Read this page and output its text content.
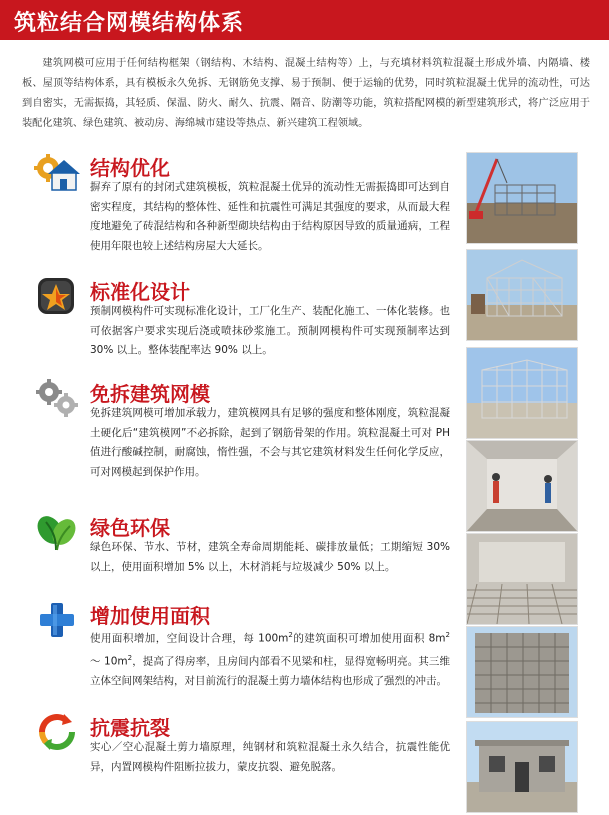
筑粒结合网模结构体系
建筑网模可应用于任何结构框架（钢结构、木结构、混凝土结构等）上，与充填材料筑粒混凝土形成外墙、内隔墙、楼板、屋顶等结构体系，具有模板永久免拆、无钢筋免支撑、易于预制、便于运输的优势，同时筑粒混凝土优异的流动性，可达到自密实，无需振捣，其轻质、保温、防火、耐久、抗震、隔音、防潮等功能，筑粒搭配网模的新型建筑形式，将广泛应用于装配化建筑、绿色建筑、被动房、海绵城市建设等热点、新兴建筑工程领域。
结构优化
摒弃了原有的封闭式建筑模板，筑粒混凝土优异的流动性无需振捣即可达到自密实程度，其结构的整体性、延性和抗震性可满足其强度的要求，从而最大程度地避免了砖混结构和各种新型砌块结构由于结构原因导致的质量通病，工程使用年限也较上述结构房屋大大延长。
标准化设计
预制网模构件可实现标准化设计，工厂化生产、装配化施工、一体化装修。也可依据客户要求实现后浇或喷抹砂浆施工。预制网模构件可实现预制率达到 30% 以上。整体装配率达 90% 以上。
免拆建筑网模
免拆建筑网模可增加承载力，建筑模网具有足够的强度和整体刚度，筑粒混凝土硬化后“建筑模网”不必拆除，起到了钢筋骨架的作用。筑粒混凝土可对 PH 值进行酸碱控制，耐腐蚀，惰性强，不会与其它建筑材料发生任何化学反应，可对网模起到保护作用。
绿色环保
绿色环保、节水、节材，建筑全寿命周期能耗、碳排放量低；工期缩短 30% 以上，使用面积增加 5% 以上，木材消耗与垃圾减少 50% 以上。
增加使用面积
使用面积增加，空间设计合理，每 $100m^2$的建筑面积可增加使用面积 $8m^2$ ～ $10m^2$，提高了得房率，且房间内部看不见梁和柱，显得宽畅明亮。其三维立体空间网架结构，对目前流行的混凝土剪力墙体结构也形成了强烈的冲击。
抗震抗裂
实心／空心混凝土剪力墙原理，纯钢材和筑粒混凝土永久结合，抗震性能优异，内置网模构件阻断拉拔力，蒙皮抗裂、避免脱落。
